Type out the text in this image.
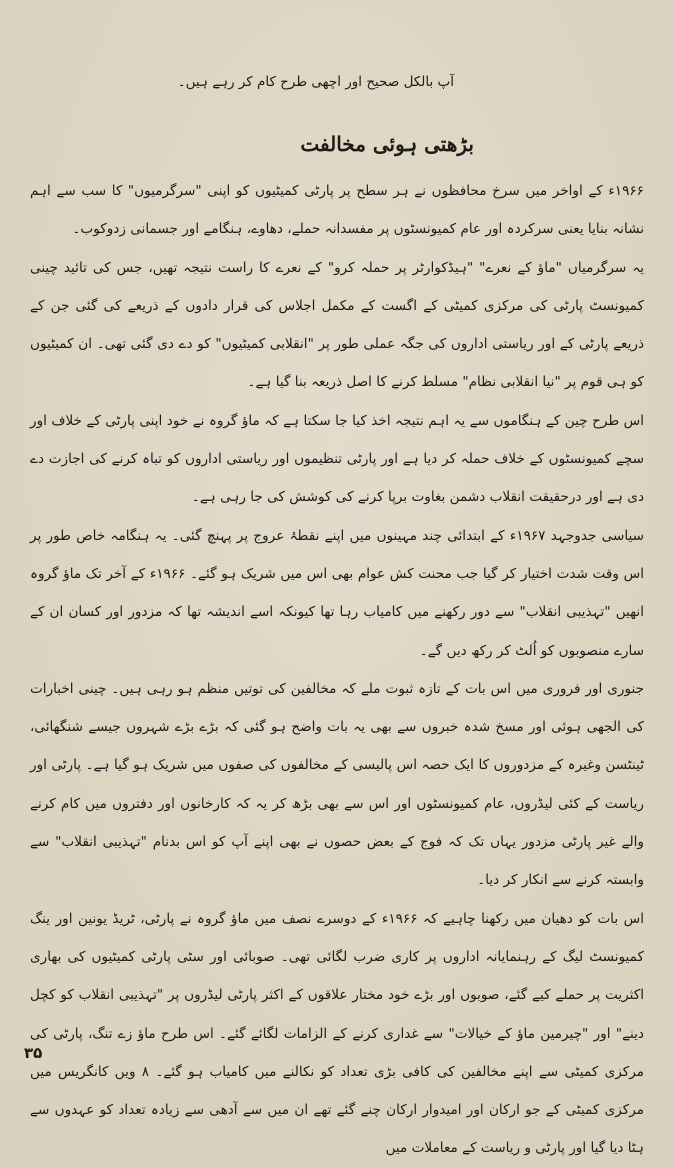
آپ بالکل صحیح اور اچھی طرح کام کر رہے ہیں۔

بڑھتی ہوئی مخالفت

۱۹۶۶ء کے اواخر میں سرخ محافظوں نے ہر سطح پر پارٹی کمیٹیوں کو اپنی "سرگرمیوں" کا سب سے اہم نشانہ بنایا یعنی سرکردہ اور عام کمیونسٹوں پر مفسدانہ حملے، دھاوے، ہنگامے اور جسمانی زدوکوب۔

یہ سرگرمیاں "ماؤ کے نعرے" "ہیڈکوارٹر پر حملہ کرو" کے نعرے کا راست نتیجہ تھیں، جس کی تائید چینی کمیونسٹ پارٹی کی مرکزی کمیٹی کے اگست کے مکمل اجلاس کی قرار دادوں کے ذریعے کی گئی جن کے ذریعے پارٹی کے اور ریاستی اداروں کی جگہ عملی طور پر "انقلابی کمیٹیوں" کو دے دی گئی تھی۔ ان کمیٹیوں کو ہی قوم پر "نیا انقلابی نظام" مسلط کرنے کا اصل ذریعہ بنا گیا ہے۔

اس طرح چین کے ہنگاموں سے یہ اہم نتیجہ اخذ کیا جا سکتا ہے کہ ماؤ گروہ نے خود اپنی پارٹی کے خلاف اور سچے کمیونسٹوں کے خلاف حملہ کر دیا ہے اور پارٹی تنظیموں اور ریاستی اداروں کو تباہ کرنے کی اجازت دے دی ہے اور درحقیقت انقلاب دشمن بغاوت برپا کرنے کی کوشش کی جا رہی ہے۔

سیاسی جدوجہد ۱۹۶۷ء کے ابتدائی چند مہینوں میں اپنے نقطۂ عروج پر پہنچ گئی۔ یہ ہنگامہ خاص طور پر اس وقت شدت اختیار کر گیا جب محنت کش عوام بھی اس میں شریک ہو گئے۔ ۱۹۶۶ء کے آخر تک ماؤ گروہ انھیں "تہذیبی انقلاب" سے دور رکھنے میں کامیاب رہا تھا کیونکہ اسے اندیشہ تھا کہ مزدور اور کسان ان کے سارے منصوبوں کو اُلٹ کر رکھ دیں گے۔

جنوری اور فروری میں اس بات کے تازہ ثبوت ملے کہ مخالفین کی توتیں منظم ہو رہی ہیں۔ چینی اخبارات کی الجھی ہوئی اور مسخ شدہ خبروں سے بھی یہ بات واضح ہو گئی کہ بڑے بڑے شہروں جیسے شنگھائی، ٹینٹسن وغیرہ کے مزدوروں کا ایک حصہ اس پالیسی کے مخالفوں کی صفوں میں شریک ہو گیا ہے۔ پارٹی اور ریاست کے کئی لیڈروں، عام کمیونسٹوں اور اس سے بھی بڑھ کر یہ کہ کارخانوں اور دفتروں میں کام کرنے والے غیر پارٹی مزدور یہاں تک کہ فوج کے بعض حصوں نے بھی اپنے آپ کو اس بدنام "تہذیبی انقلاب" سے وابستہ کرنے سے انکار کر دیا۔

اس بات کو دھیان میں رکھنا چاہیے کہ ۱۹۶۶ء کے دوسرے نصف میں ماؤ گروہ نے پارٹی، ٹریڈ یونین اور ینگ کمیونسٹ لیگ کے رہنمایانہ اداروں پر کاری ضرب لگائی تھی۔ صوبائی اور سٹی پارٹی کمیٹیوں کی بھاری اکثریت پر حملے کیے گئے، صوبوں اور بڑے خود مختار علاقوں کے اکثر پارٹی لیڈروں پر "تہذیبی انقلاب کو کچل دینے" اور "چیرمین ماؤ کے خیالات" سے غداری کرنے کے الزامات لگائے گئے۔ اس طرح ماؤ زے تنگ، پارٹی کی مرکزی کمیٹی سے اپنے مخالفین کی کافی بڑی تعداد کو نکالنے میں کامیاب ہو گئے۔ ۸ ویں کانگریس میں مرکزی کمیٹی کے جو ارکان اور امیدوار ارکان چنے گئے تھے ان میں سے آدھی سے زیادہ تعداد کو عہدوں سے ہٹا دیا گیا اور پارٹی و ریاست کے معاملات میں

۳۵
